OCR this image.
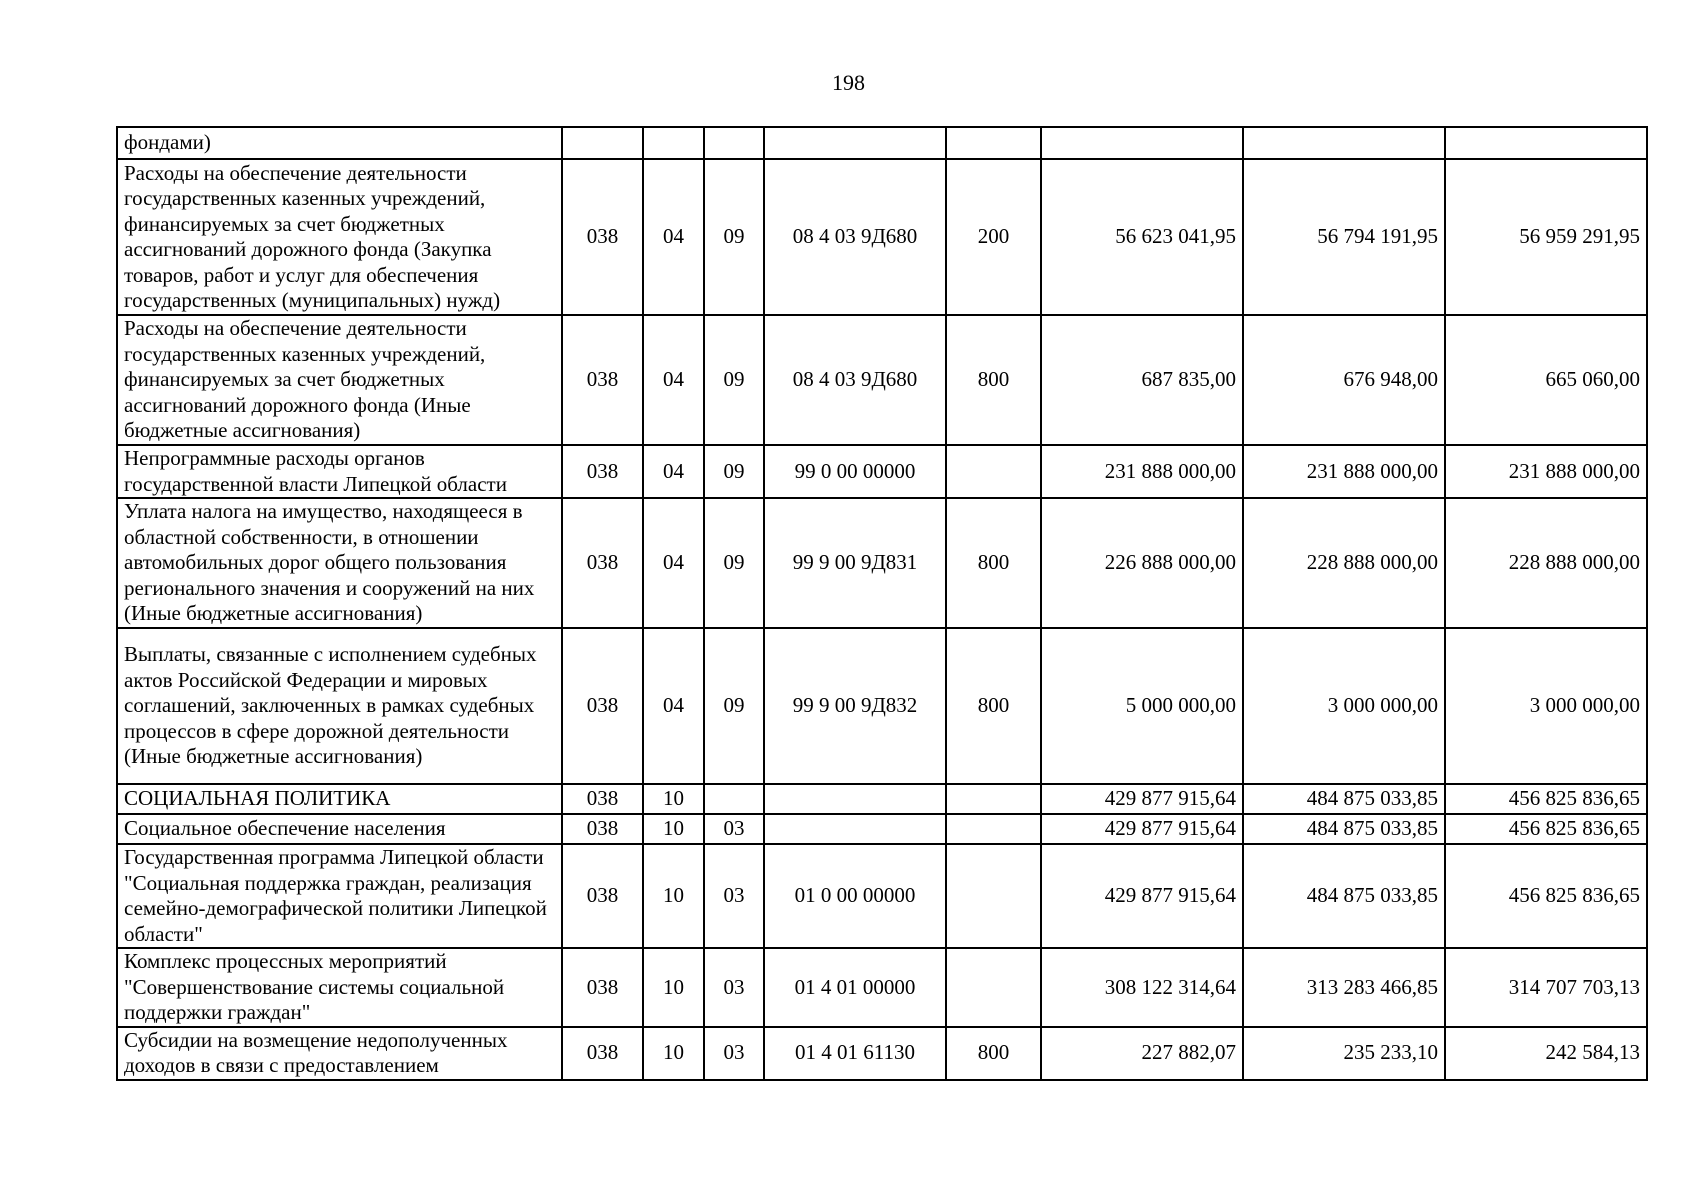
198
фондами)								
Расходы на обеспечение деятельности государственных казенных учреждений, финансируемых за счет бюджетных ассигнований дорожного фонда (Закупка товаров, работ и услуг для обеспечения государственных (муниципальных) нужд)	038	04	09	08 4 03 9Д680	200	56 623 041,95	56 794 191,95	56 959 291,95
Расходы на обеспечение деятельности государственных казенных учреждений, финансируемых за счет бюджетных ассигнований дорожного фонда (Иные бюджетные ассигнования)	038	04	09	08 4 03 9Д680	800	687 835,00	676 948,00	665 060,00
Непрограммные расходы органов государственной власти Липецкой области	038	04	09	99 0 00 00000		231 888 000,00	231 888 000,00	231 888 000,00
Уплата налога на имущество, находящееся в областной собственности, в отношении автомобильных дорог общего пользования регионального значения и сооружений на них (Иные бюджетные ассигнования)	038	04	09	99 9 00 9Д831	800	226 888 000,00	228 888 000,00	228 888 000,00
Выплаты, связанные с исполнением судебных актов Российской Федерации и мировых соглашений, заключенных в рамках судебных процессов в сфере дорожной деятельности (Иные бюджетные ассигнования)	038	04	09	99 9 00 9Д832	800	5 000 000,00	3 000 000,00	3 000 000,00
СОЦИАЛЬНАЯ ПОЛИТИКА	038	10				429 877 915,64	484 875 033,85	456 825 836,65
Социальное обеспечение населения	038	10	03			429 877 915,64	484 875 033,85	456 825 836,65
Государственная программа Липецкой области "Социальная поддержка граждан, реализация семейно-демографической политики Липецкой области"	038	10	03	01 0 00 00000		429 877 915,64	484 875 033,85	456 825 836,65
Комплекс процессных мероприятий "Совершенствование системы социальной поддержки граждан"	038	10	03	01 4 01 00000		308 122 314,64	313 283 466,85	314 707 703,13
Субсидии на возмещение недополученных доходов в связи с предоставлением	038	10	03	01 4 01 61130	800	227 882,07	235 233,10	242 584,13
